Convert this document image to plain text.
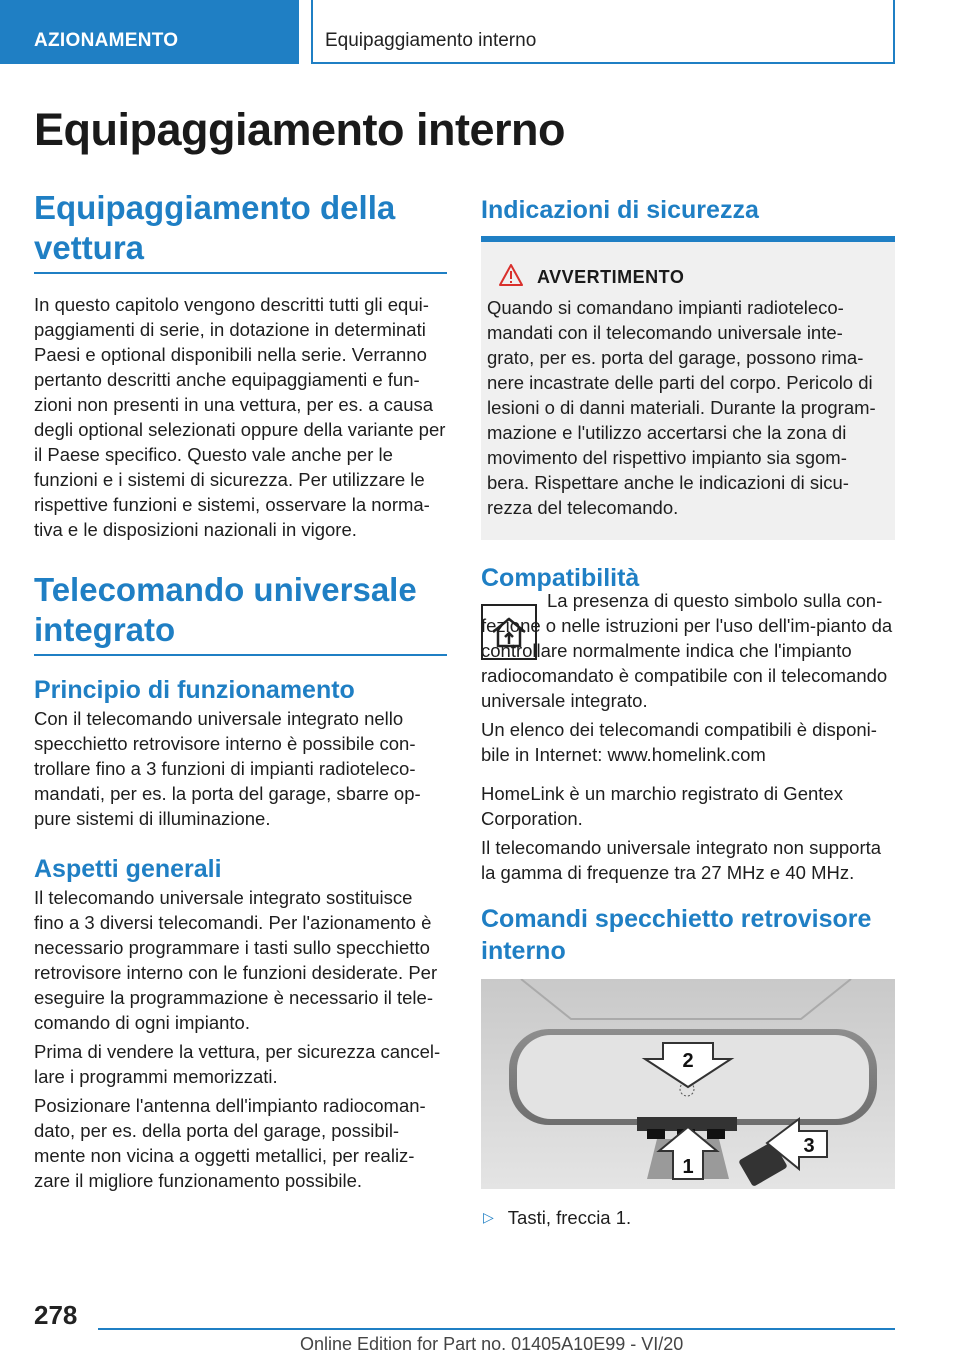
AZIONAMENTO	Equipaggiamento interno
Equipaggiamento interno
Equipaggiamento della vettura

In questo capitolo vengono descritti tutti gli equi-paggiamenti di serie, in dotazione in determinati Paesi e optional disponibili nella serie. Verranno pertanto descritti anche equipaggiamenti e fun-zioni non presenti in una vettura, per es. a causa degli optional selezionati oppure della variante per il Paese specifico. Questo vale anche per le funzioni e i sistemi di sicurezza. Per utilizzare le rispettive funzioni e sistemi, osservare la norma-tiva e le disposizioni nazionali in vigore.

Telecomando universale integrato
Principio di funzionamento

Con il telecomando universale integrato nello specchietto retrovisore interno è possibile con-trollare fino a 3 funzioni di impianti radioteleco-mandati, per es. la porta del garage, sbarre op-pure sistemi di illuminazione.

Aspetti generali

Il telecomando universale integrato sostituisce fino a 3 diversi telecomandi. Per l'azionamento è necessario programmare i tasti sullo specchietto retrovisore interno con le funzioni desiderate. Per eseguire la programmazione è necessario il tele-comando di ogni impianto.

Prima di vendere la vettura, per sicurezza cancel-lare i programmi memorizzati.

Posizionare l'antenna dell'impianto radiocoman-dato, per es. della porta del garage, possibil-mente non vicina a oggetti metallici, per realiz-zare il migliore funzionamento possibile.

Indicazioni di sicurezza
AVVERTIMENTO

Quando si comandano impianti radioteleco-mandati con il telecomando universale inte-grato, per es. porta del garage, possono rima-nere incastrate delle parti del corpo. Pericolo di lesioni o di danni materiali. Durante la program-mazione e l'utilizzo accertarsi che la zona di movimento del rispettivo impianto sia sgom-bera. Rispettare anche le indicazioni di sicu-rezza del telecomando.

Compatibilità

La presenza di questo simbolo sulla con-fezione o nelle istruzioni per l'uso dell'im-pianto da controllare normalmente indica che l'impianto radiocomandato è compatibile con il telecomando universale integrato.

Un elenco dei telecomandi compatibili è disponi-bile in Internet: www.homelink.com

HomeLink è un marchio registrato di Gentex Corporation.

Il telecomando universale integrato non supporta la gamma di frequenze tra 27 MHz e 40 MHz.

Comandi specchietto retrovisore interno
2
1
3
▷ Tasti, freccia 1.

278
Online Edition for Part no. 01405A10E99 - VI/20
